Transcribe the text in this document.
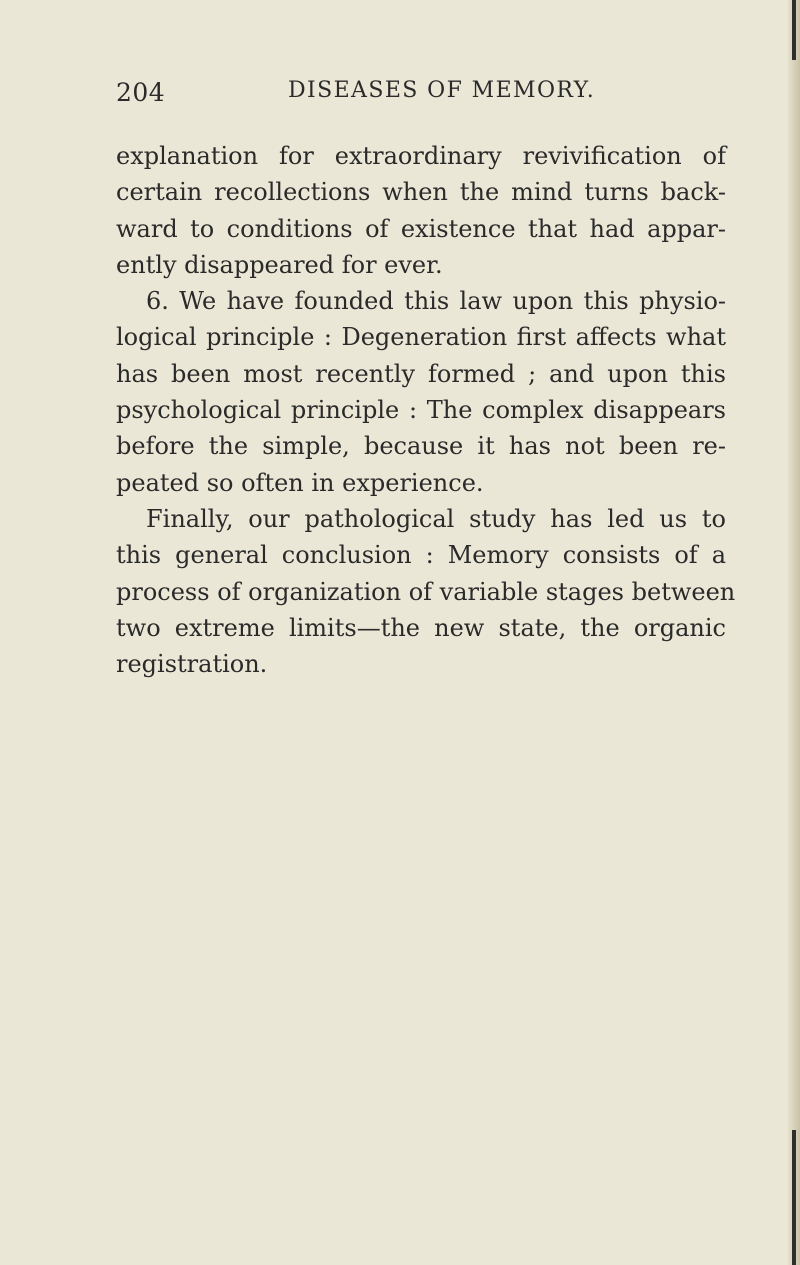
204	DISEASES OF MEMORY.
explanation for extraordinary revivification of
certain recollections when the mind turns back-
ward to conditions of existence that had appar-
ently disappeared for ever.
6. We have founded this law upon this physio-
logical principle : Degeneration first affects what
has been most recently formed ; and upon this
psychological principle : The complex disappears
before the simple, because it has not been re-
peated so often in experience.
Finally, our pathological study has led us to
this general conclusion : Memory consists of a
process of organization of variable stages between
two extreme limits—the new state, the organic
registration.
